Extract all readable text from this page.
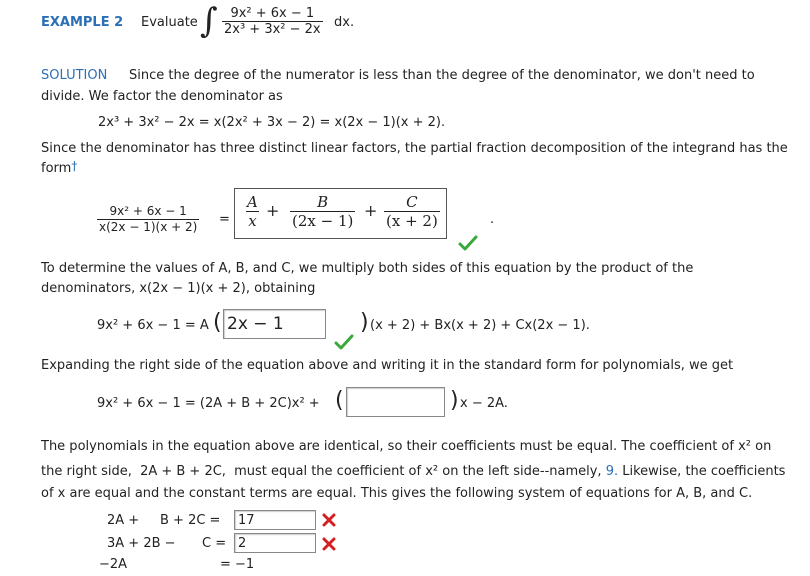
EXAMPLE 2 Evaluate ∫ $\frac{\text{9x² + 6x − 1}}{\text{2x³ + 3x² − 2x}}$ dx.
SOLUTION Since the degree of the numerator is less than the degree of the denominator, we don't need to
divide. We factor the denominator as
2x³ + 3x² − 2x = x(2x² + 3x − 2) = x(2x − 1)(x + 2).
Since the denominator has three distinct linear factors, the partial fraction decomposition of the integrand has the
form†
$\frac{\text{9x² + 6x − 1}}{x(2x - 1)(x + 2)} = \frac{A}{x} + \frac{B}{(2x - 1)} + \frac{C}{(x + 2)}$	.
To determine the values of A, B, and C, we multiply both sides of this equation by the product of the
denominators, x(2x − 1)(x + 2), obtaining
9x² + 6x − 1 = A (
2x − 1	) (x + 2) + Bx(x + 2) + Cx(2x − 1).
Expanding the right side of the equation above and writing it in the standard form for polynomials, we get
9x² + 6x − 1 = (2A + B + 2C)x² + (	) x − 2A.
The polynomials in the equation above are identical, so their coefficients must be equal. The coefficient of x² on
the right side, 2A + B + 2C, must equal the coefficient of x² on the left side--namely, 9. Likewise, the coefficients
of x are equal and the constant terms are equal. This gives the following system of equations for A, B, and C.
2A + B + 2C =
17
3A + 2B − C =
2
−2A	= −1
